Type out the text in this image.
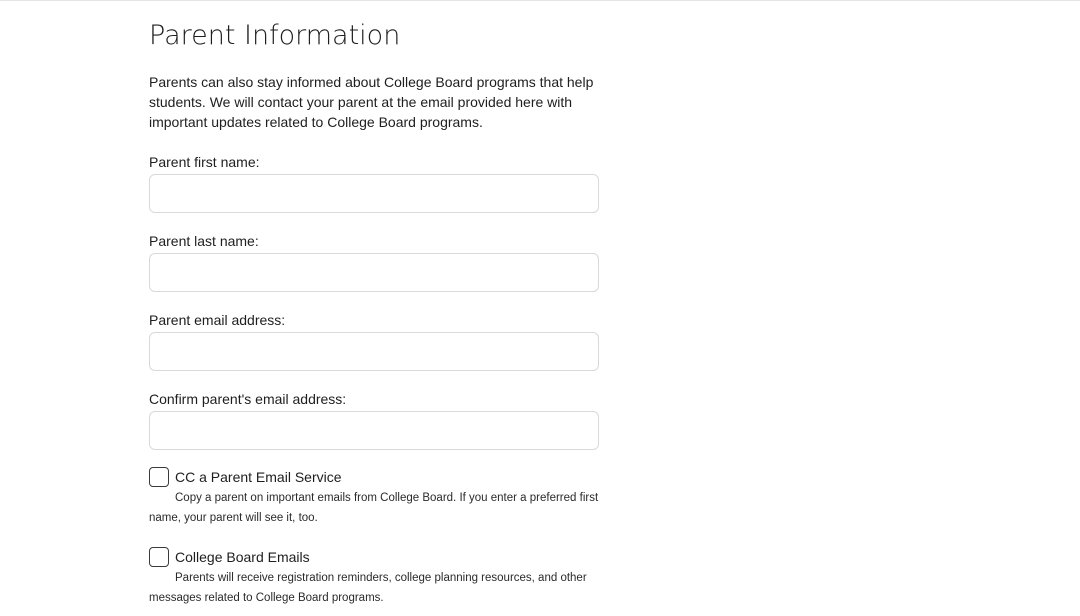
Parent Information

Parents can also stay informed about College Board programs that help students. We will contact your parent at the email provided here with important updates related to College Board programs.

Parent first name:
Parent last name:
Parent email address:
Confirm parent's email address:
CC a Parent Email Service

Copy a parent on important emails from College Board. If you enter a preferred first name, your parent will see it, too.

College Board Emails

Parents will receive registration reminders, college planning resources, and other messages related to College Board programs.
